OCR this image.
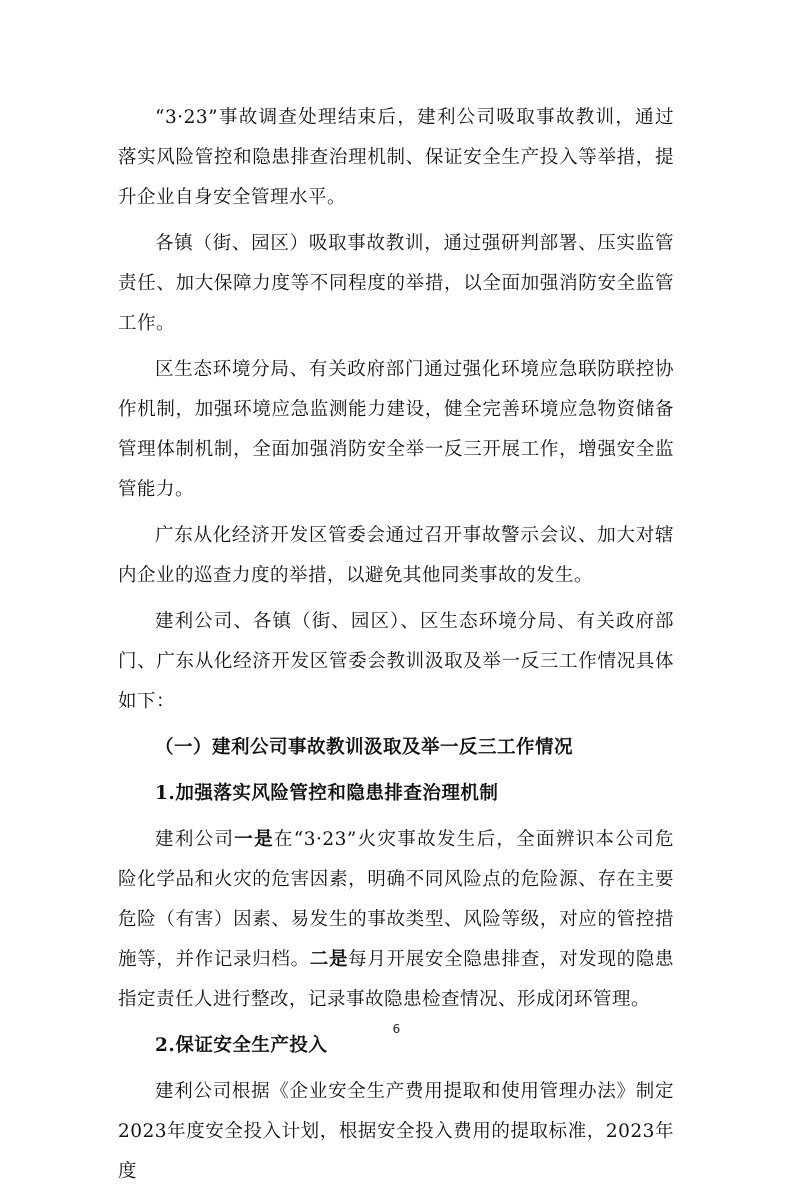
“3·23”事故调查处理结束后，建利公司吸取事故教训，通过落实风险管控和隐患排查治理机制、保证安全生产投入等举措，提升企业自身安全管理水平。

各镇（街、园区）吸取事故教训，通过强研判部署、压实监管责任、加大保障力度等不同程度的举措，以全面加强消防安全监管工作。

区生态环境分局、有关政府部门通过强化环境应急联防联控协作机制，加强环境应急监测能力建设，健全完善环境应急物资储备管理体制机制，全面加强消防安全举一反三开展工作，增强安全监管能力。

广东从化经济开发区管委会通过召开事故警示会议、加大对辖内企业的巡查力度的举措，以避免其他同类事故的发生。

建利公司、各镇（街、园区）、区生态环境分局、有关政府部门、广东从化经济开发区管委会教训汲取及举一反三工作情况具体如下：

（一）建利公司事故教训汲取及举一反三工作情况
1.加强落实风险管控和隐患排查治理机制

建利公司一是在“3·23”火灾事故发生后，全面辨识本公司危险化学品和火灾的危害因素，明确不同风险点的危险源、存在主要危险（有害）因素、易发生的事故类型、风险等级，对应的管控措施等，并作记录归档。二是每月开展安全隐患排查，对发现的隐患指定责任人进行整改，记录事故隐患检查情况、形成闭环管理。

2.保证安全生产投入

建利公司根据《企业安全生产费用提取和使用管理办法》制定2023年度安全投入计划，根据安全投入费用的提取标准，2023年度

6
